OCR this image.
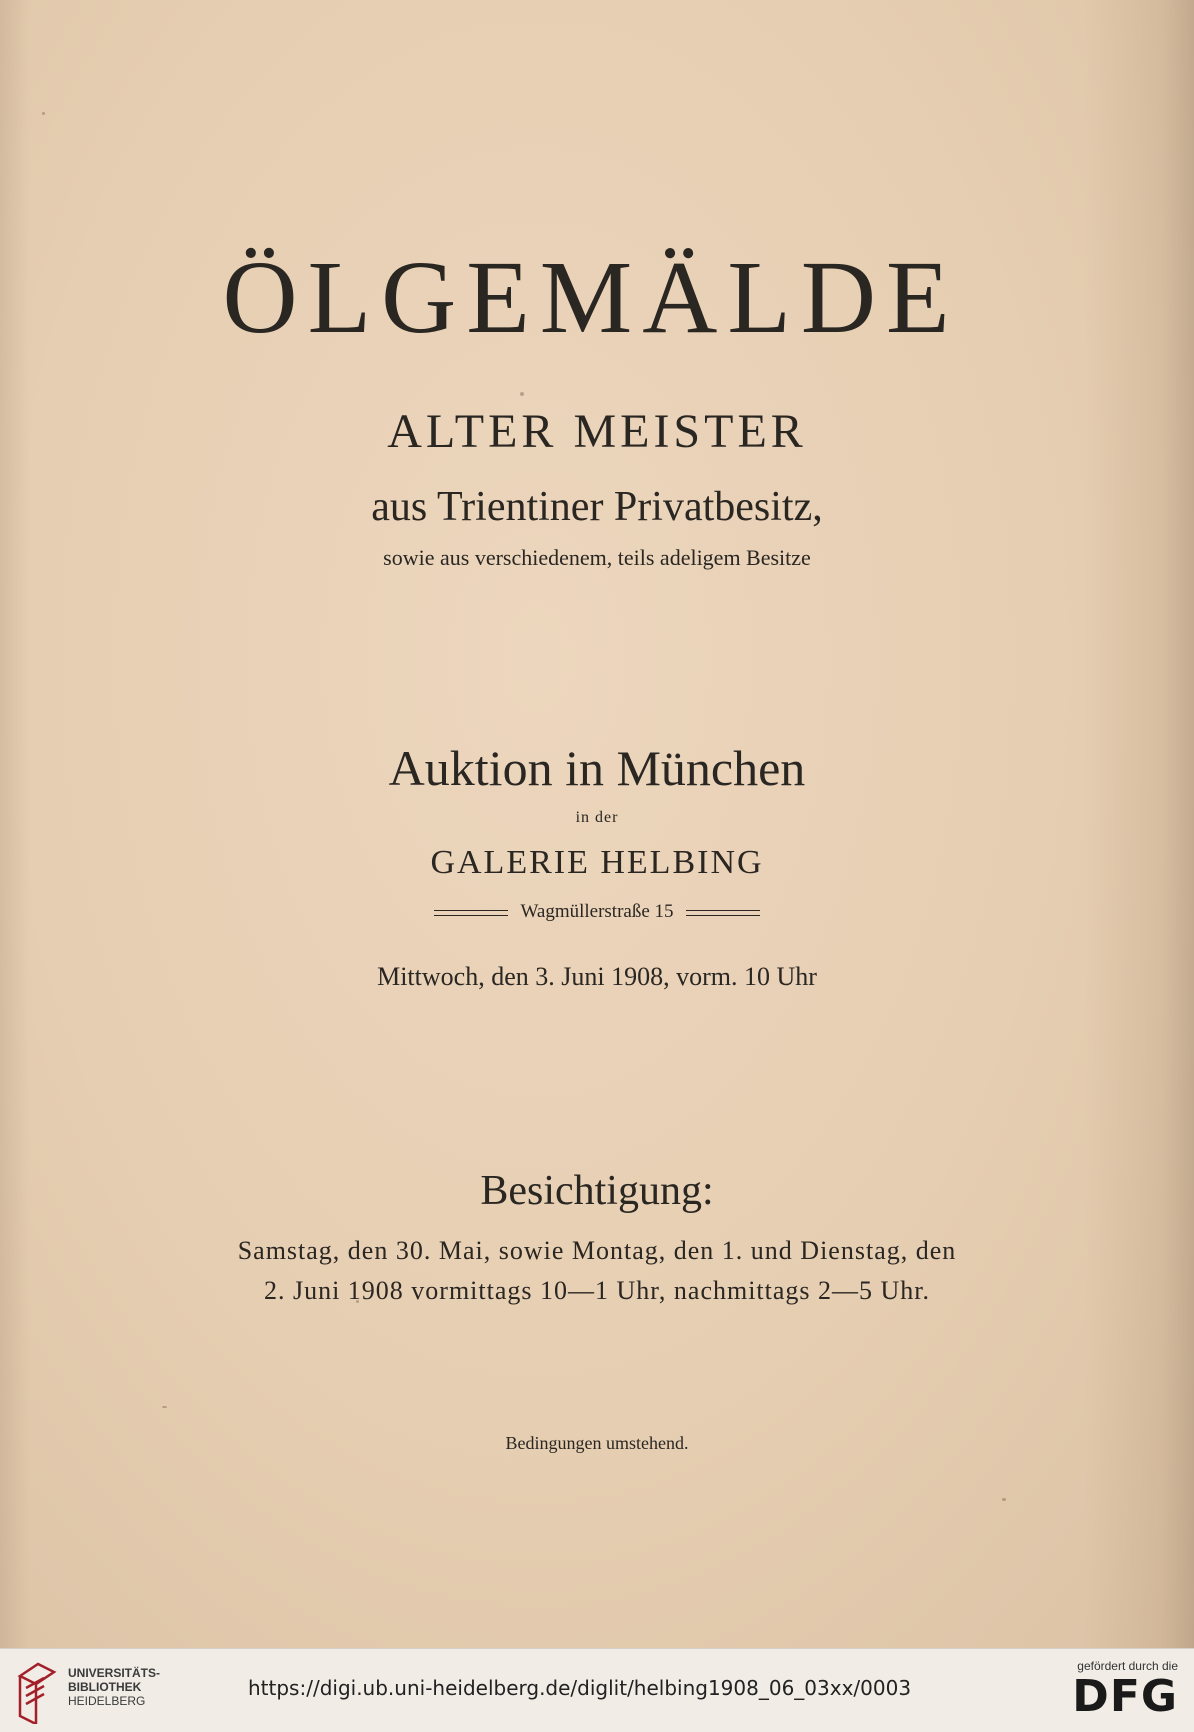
ÖLGEMÄLDE
ALTER MEISTER
aus Trientiner Privatbesitz,
sowie aus verschiedenem, teils adeligem Besitze
Auktion in München
in der
GALERIE HELBING
Wagmüllerstraße 15
Mittwoch, den 3. Juni 1908, vorm. 10 Uhr
Besichtigung:
Samstag, den 30. Mai, sowie Montag, den 1. und Dienstag, den
2. Juni 1908 vormittags 10—1 Uhr, nachmittags 2—5 Uhr.
Bedingungen umstehend.
UNIVERSITÄTS-
BIBLIOTHEK
HEIDELBERG
https://digi.ub.uni-heidelberg.de/diglit/helbing1908_06_03xx/0003
gefördert durch die
DFG
